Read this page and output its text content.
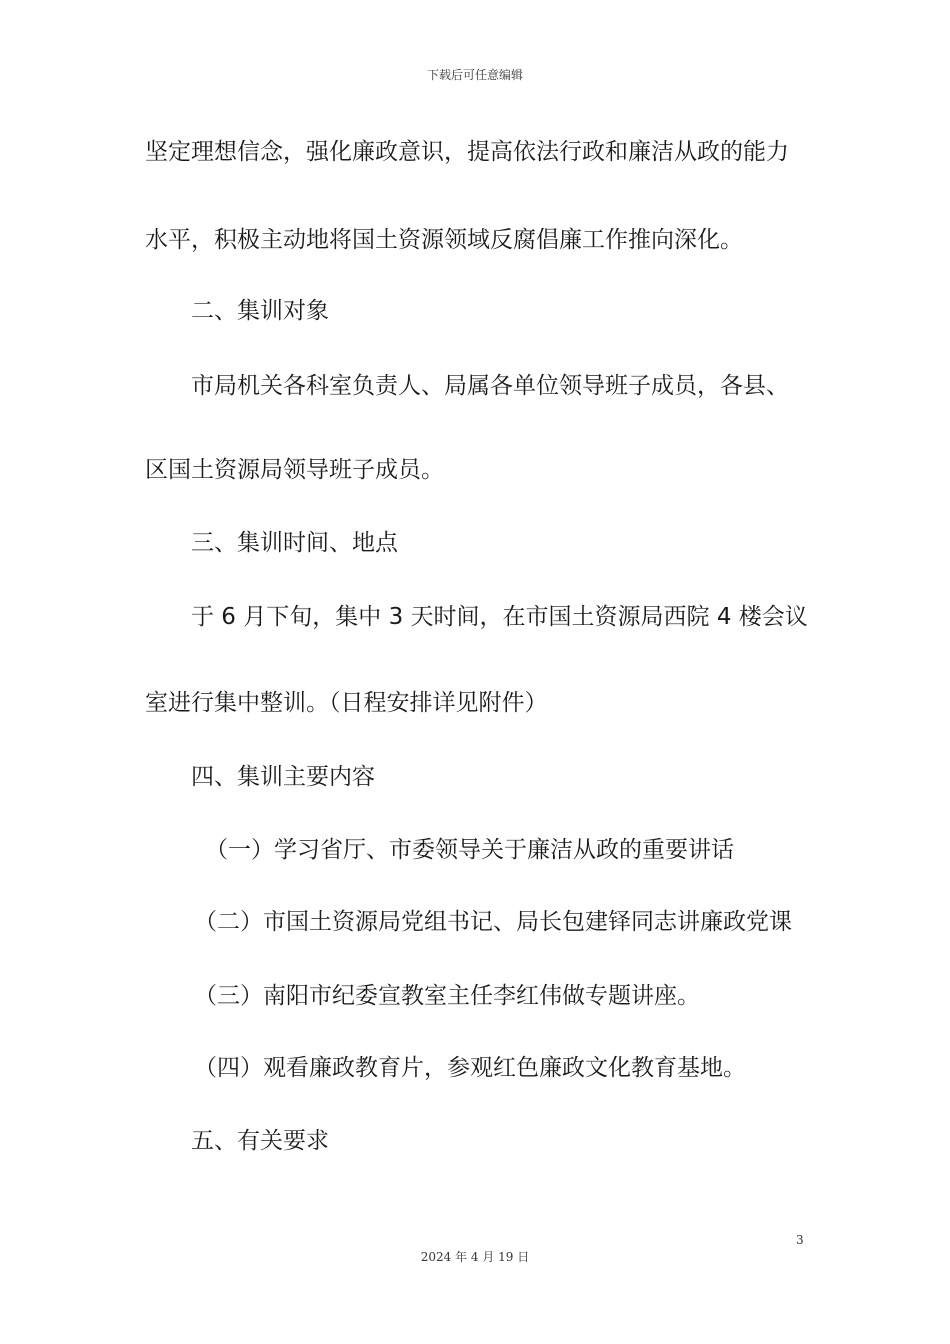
下载后可任意编辑
坚定理想信念，强化廉政意识，提高依法行政和廉洁从政的能力
水平，积极主动地将国土资源领域反腐倡廉工作推向深化。
二、集训对象
市局机关各科室负责人、局属各单位领导班子成员，各县、
区国土资源局领导班子成员。
三、集训时间、地点
于 6 月下旬，集中 3 天时间，在市国土资源局西院 4 楼会议
室进行集中整训。（日程安排详见附件）
四、集训主要内容
（一）学习省厅、市委领导关于廉洁从政的重要讲话
（二）市国土资源局党组书记、局长包建铎同志讲廉政党课
（三）南阳市纪委宣教室主任李红伟做专题讲座。
（四）观看廉政教育片，参观红色廉政文化教育基地。
五、有关要求
3
2024 年 4 月 19 日
